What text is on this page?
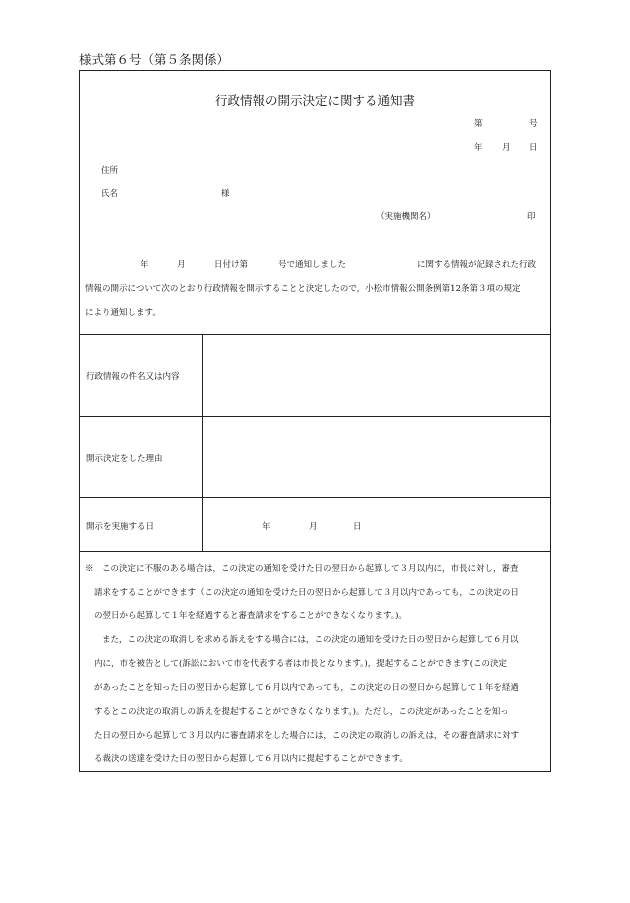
様式第６号（第５条関係）
行政情報の開示決定に関する通知書
第	号
年 月 日
住所
氏名	様
（実施機関名）	印
年	月	日付け第	号で通知しました	に関する情報が記録された行政
情報の開示について次のとおり行政情報を開示することと決定したので，小松市情報公開条例第12条第３項の規定
により通知します。
行政情報の件名又は内容
開示決定をした理由
開示を実施する日	年	月	日
※　この決定に不服のある場合は，この決定の通知を受けた日の翌日から起算して３月以内に，市長に対し，審査
請求をすることができます（この決定の通知を受けた日の翌日から起算して３月以内であっても，この決定の日
の翌日から起算して１年を経過すると審査請求をすることができなくなります。)。
また，この決定の取消しを求める訴えをする場合には，この決定の通知を受けた日の翌日から起算して６月以
内に，市を被告として(訴訟において市を代表する者は市長となります。)，提起することができます(この決定
があったことを知った日の翌日から起算して６月以内であっても，この決定の日の翌日から起算して１年を経過
するとこの決定の取消しの訴えを提起することができなくなります。)。ただし，この決定があったことを知っ
た日の翌日から起算して３月以内に審査請求をした場合には，この決定の取消しの訴えは，その審査請求に対す
る裁決の送達を受けた日の翌日から起算して６月以内に提起することができます。
